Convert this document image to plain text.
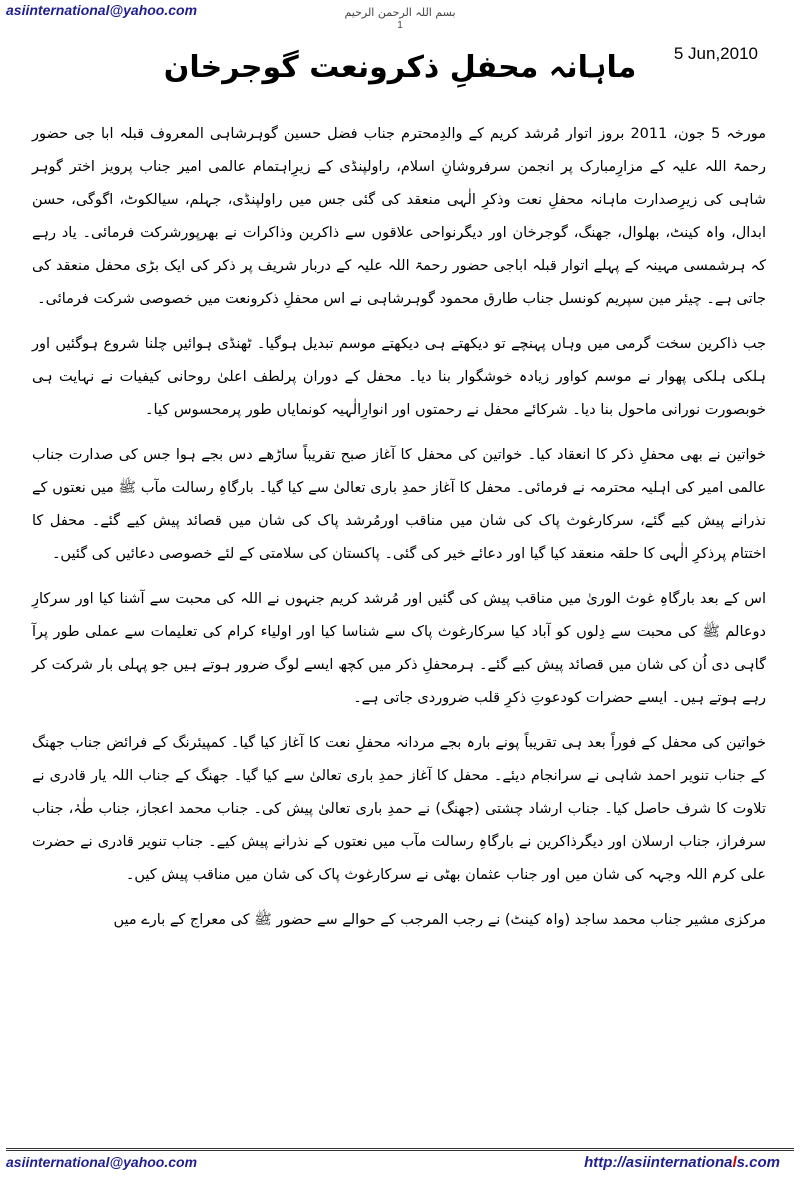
asiinternational@yahoo.com	بسم اللہ الرحمن الرحیم
1
5 Jun,2010
ماہانہ محفلِ ذکرونعت گوجرخان

مورخہ 5 جون، 2011 بروز اتوار مُرشد کریم کے والدِمحترم جناب فضل حسین گوہرشاہی المعروف قبلہ ابا جی حضور رحمۃ اللہ علیہ کے مزارِمبارک پر انجمن سرفروشانِ اسلام، راولپنڈی کے زیرِاہتمام عالمی امیر جناب پرویز اختر گوہر شاہی کی زیرِصدارت ماہانہ محفلِ نعت وذکرِ الٰہی منعقد کی گئی جس میں راولپنڈی، جہلم، سیالکوٹ، اگوگی، حسن ابدال، واہ کینٹ، بھلوال، جھنگ، گوجرخان اور دیگرنواحی علاقوں سے ذاکرین وذاکرات نے بھرپورشرکت فرمائی۔ یاد رہے کہ ہرشمسی مہینہ کے پہلے اتوار قبلہ اباجی حضور رحمۃ اللہ علیہ کے دربار شریف پر ذکر کی ایک بڑی محفل منعقد کی جاتی ہے۔ چیئر مین سپریم کونسل جناب طارق محمود گوہرشاہی نے اس محفلِ ذکرونعت میں خصوصی شرکت فرمائی۔

جب ذاکرین سخت گرمی میں وہاں پہنچے تو دیکھتے ہی دیکھتے موسم تبدیل ہوگیا۔ ٹھنڈی ہوائیں چلنا شروع ہوگئیں اور ہلکی ہلکی پھوار نے موسم کواور زیادہ خوشگوار بنا دیا۔ محفل کے دوران پرلطف اعلیٰ روحانی کیفیات نے نہایت ہی خوبصورت نورانی ماحول بنا دیا۔ شرکائے محفل نے رحمتوں اور انوارِالٰہیہ کونمایاں طور پرمحسوس کیا۔

خواتین نے بھی محفلِ ذکر کا انعقاد کیا۔ خواتین کی محفل کا آغاز صبح تقریباً ساڑھے دس بجے ہوا جس کی صدارت جناب عالمی امیر کی اہلیہ محترمہ نے فرمائی۔ محفل کا آغاز حمدِ باری تعالیٰ سے کیا گیا۔ بارگاہِ رسالت مآب ﷺ میں نعتوں کے نذرانے پیش کیے گئے، سرکارغوث پاک کی شان میں مناقب اورمُرشد پاک کی شان میں قصائد پیش کیے گئے۔ محفل کا اختتام پرذکرِ الٰہی کا حلقہ منعقد کیا گیا اور دعائے خیر کی گئی۔ پاکستان کی سلامتی کے لئے خصوصی دعائیں کی گئیں۔

اس کے بعد بارگاہِ غوث الوریٰ میں مناقب پیش کی گئیں اور مُرشد کریم جنہوں نے اللہ کی محبت سے آشنا کیا اور سرکارِ دوعالم ﷺ کی محبت سے دِلوں کو آباد کیا سرکارغوث پاک سے شناسا کیا اور اولیاء کرام کی تعلیمات سے عملی طور پرآ گاہی دی اُن کی شان میں قصائد پیش کیے گئے۔ ہرمحفلِ ذکر میں کچھ ایسے لوگ ضرور ہوتے ہیں جو پہلی بار شرکت کر رہے ہوتے ہیں۔ ایسے حضرات کودعوتِ ذکرِ قلب ضروردی جاتی ہے۔

خواتین کی محفل کے فوراً بعد ہی تقریباً پونے بارہ بجے مردانہ محفلِ نعت کا آغاز کیا گیا۔ کمپیئرنگ کے فرائض جناب جھنگ کے جناب تنویر احمد شاہی نے سرانجام دیئے۔ محفل کا آغاز حمدِ باری تعالیٰ سے کیا گیا۔ جھنگ کے جناب اللہ یار قادری نے تلاوت کا شرف حاصل کیا۔ جناب ارشاد چشتی (جھنگ) نے حمدِ باری تعالیٰ پیش کی۔ جناب محمد اعجاز، جناب طٰہٰ، جناب سرفراز، جناب ارسلان اور دیگرذاکرین نے بارگاہِ رسالت مآب میں نعتوں کے نذرانے پیش کیے۔ جناب تنویر قادری نے حضرت علی کرم اللہ وجہہ کی شان میں اور جناب عثمان بھٹی نے سرکارغوث پاک کی شان میں مناقب پیش کیں۔

مرکزی مشیر جناب محمد ساجد (واہ کینٹ) نے رجب المرجب کے حوالے سے حضور ﷺ کی معراج کے بارے میں

asiinternational@yahoo.com	http://asiinternationals.com
